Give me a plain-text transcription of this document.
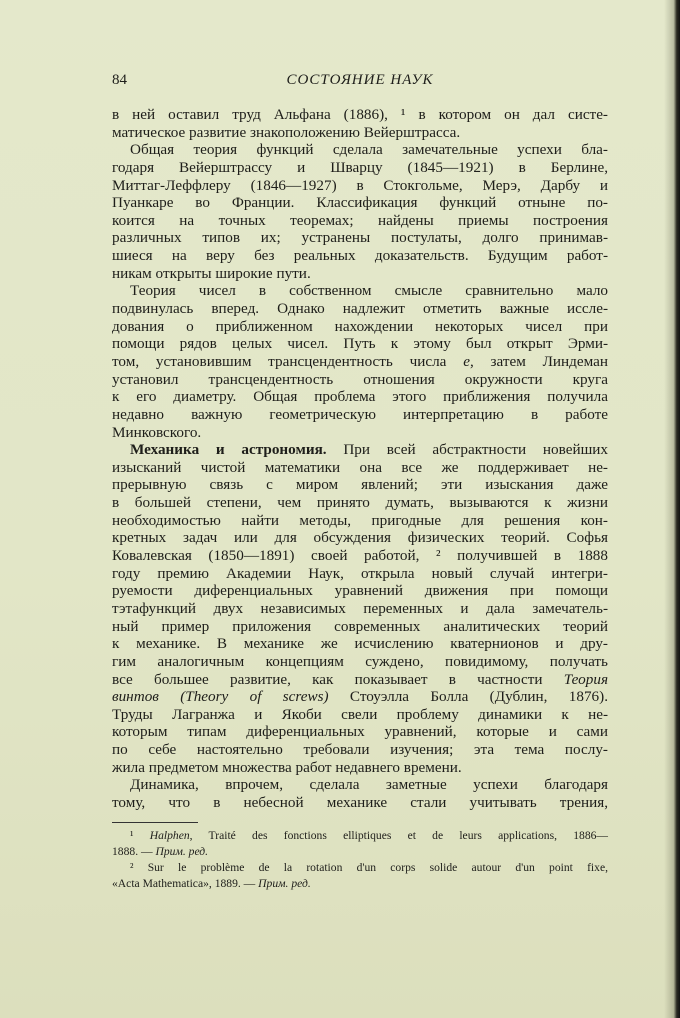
84	СОСТОЯНИЕ НАУК
в ней оставил труд Альфана (1886), ¹ в котором он дал систе-
матическое развитие знакоположению Вейерштрасса.
Общая теория функций сделала замечательные успехи бла-
годаря Вейерштрассу и Шварцу (1845—1921) в Берлине,
Миттаг-Леффлеру (1846—1927) в Стокгольме, Мерэ, Дарбу и
Пуанкаре во Франции. Классификация функций отныне по-
коится на точных теоремах; найдены приемы построения
различных типов их; устранены постулаты, долго принимав-
шиеся на веру без реальных доказательств. Будущим работ-
никам открыты широкие пути.
Теория чисел в собственном смысле сравнительно мало
подвинулась вперед. Однако надлежит отметить важные иссле-
дования о приближенном нахождении некоторых чисел при
помощи рядов целых чисел. Путь к этому был открыт Эрми-
том, установившим трансцендентность числа e, затем Линдеман
установил трансцендентность отношения окружности круга
к его диаметру. Общая проблема этого приближения получила
недавно важную геометрическую интерпретацию в работе
Минковского.
Механика и астрономия. При всей абстрактности новейших
изысканий чистой математики она все же поддерживает не-
прерывную связь с миром явлений; эти изыскания даже
в большей степени, чем принято думать, вызываются к жизни
необходимостью найти методы, пригодные для решения кон-
кретных задач или для обсуждения физических теорий. Софья
Ковалевская (1850—1891) своей работой, ² получившей в 1888
году премию Академии Наук, открыла новый случай интегри-
руемости диференциальных уравнений движения при помощи
тэтафункций двух независимых переменных и дала замечатель-
ный пример приложения современных аналитических теорий
к механике. В механике же исчислению кватернионов и дру-
гим аналогичным концепциям суждено, повидимому, получать
все большее развитие, как показывает в частности Теория
винтов (Theory of screws) Стоуэлла Болла (Дублин, 1876).
Труды Лагранжа и Якоби свели проблему динамики к не-
которым типам диференциальных уравнений, которые и сами
по себе настоятельно требовали изучения; эта тема послу-
жила предметом множества работ недавнего времени.
Динамика, впрочем, сделала заметные успехи благодаря
тому, что в небесной механике стали учитывать трения,
¹ Halphen, Traité des fonctions elliptiques et de leurs applications, 1886—
1888. — Прим. ред.
² Sur le problème de la rotation d'un corps solide autour d'un point fixe,
«Acta Mathematica», 1889. — Прим. ред.
